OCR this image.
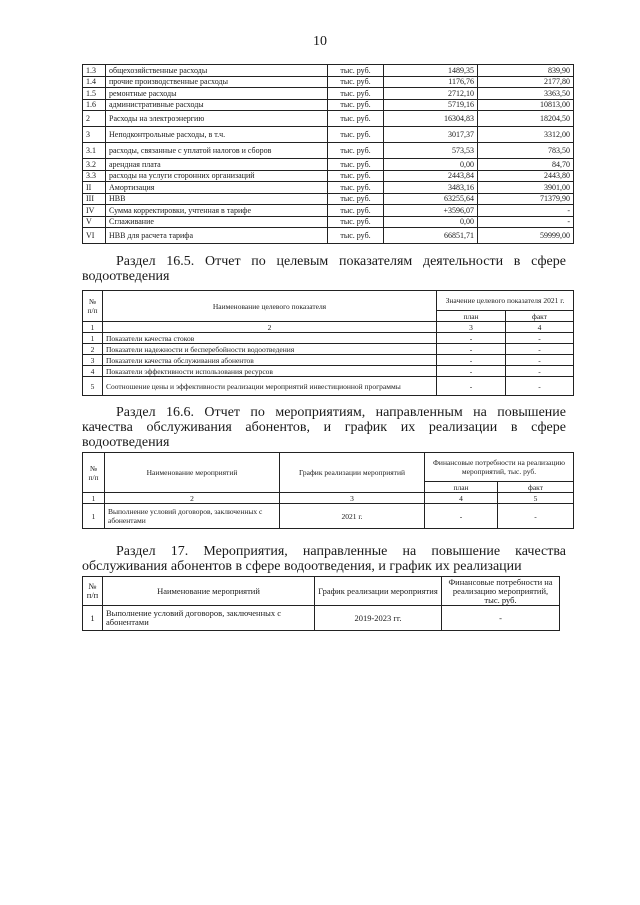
10
1.3	общехозяйственные расходы	тыс. руб.	1489,35	839,90
1.4	прочие производственные расходы	тыс. руб.	1176,76	2177,80
1.5	ремонтные расходы	тыс. руб.	2712,10	3363,50
1.6	административные расходы	тыс. руб.	5719,16	10813,00
2	Расходы на электроэнергию	тыс. руб.	16304,83	18204,50
3	Неподконтрольные расходы, в т.ч.	тыс. руб.	3017,37	3312,00
3.1	расходы, связанные с уплатой налогов и сборов	тыс. руб.	573,53	783,50
3.2	арендная плата	тыс. руб.	0,00	84,70
3.3	расходы на услуги сторонних организаций	тыс. руб.	2443,84	2443,80
II	Амортизация	тыс. руб.	3483,16	3901,00
III	НВВ	тыс. руб.	63255,64	71379,90
IV	Сумма корректировки, учтенная в тарифе	тыс. руб.	+3596,07	-
V	Сглаживание	тыс. руб.	0,00	-
VI	НВВ для расчета тарифа	тыс. руб.	66851,71	59999,00
Раздел 16.5. Отчет по целевым показателям деятельности в сфере
водоотведения
№ п/п	Наименование целевого показателя	Значение целевого показателя 2021 г.	
		план	факт
1	2	3	4
1	Показатели качества стоков	-	-
2	Показатели надежности и бесперебойности водоотведения	-	-
3	Показатели качества обслуживания абонентов	-	-
4	Показатели эффективности использования ресурсов	-	-
5	Соотношение цены и эффективности реализации мероприятий инвестиционной программы	-	-
Раздел 16.6. Отчет по мероприятиям, направленным на повышение
качества обслуживания абонентов, и график их реализации в сфере
водоотведения
№ п/п	Наименование мероприятий	График реализации мероприятий	Финансовые потребности на реализацию мероприятий, тыс. руб.	
			план	факт
1	2	3	4	5
1	Выполнение условий договоров, заключенных с абонентами	2021 г.	-	-
Раздел 17. Мероприятия, направленные на повышение качества
обслуживания абонентов в сфере водоотведения, и график их реализации
№ п/п	Наименование мероприятий	График реализации мероприятия	Финансовые потребности на реализацию мероприятий, тыс. руб.
1	Выполнение условий договоров, заключенных с абонентами	2019-2023 гг.	-
